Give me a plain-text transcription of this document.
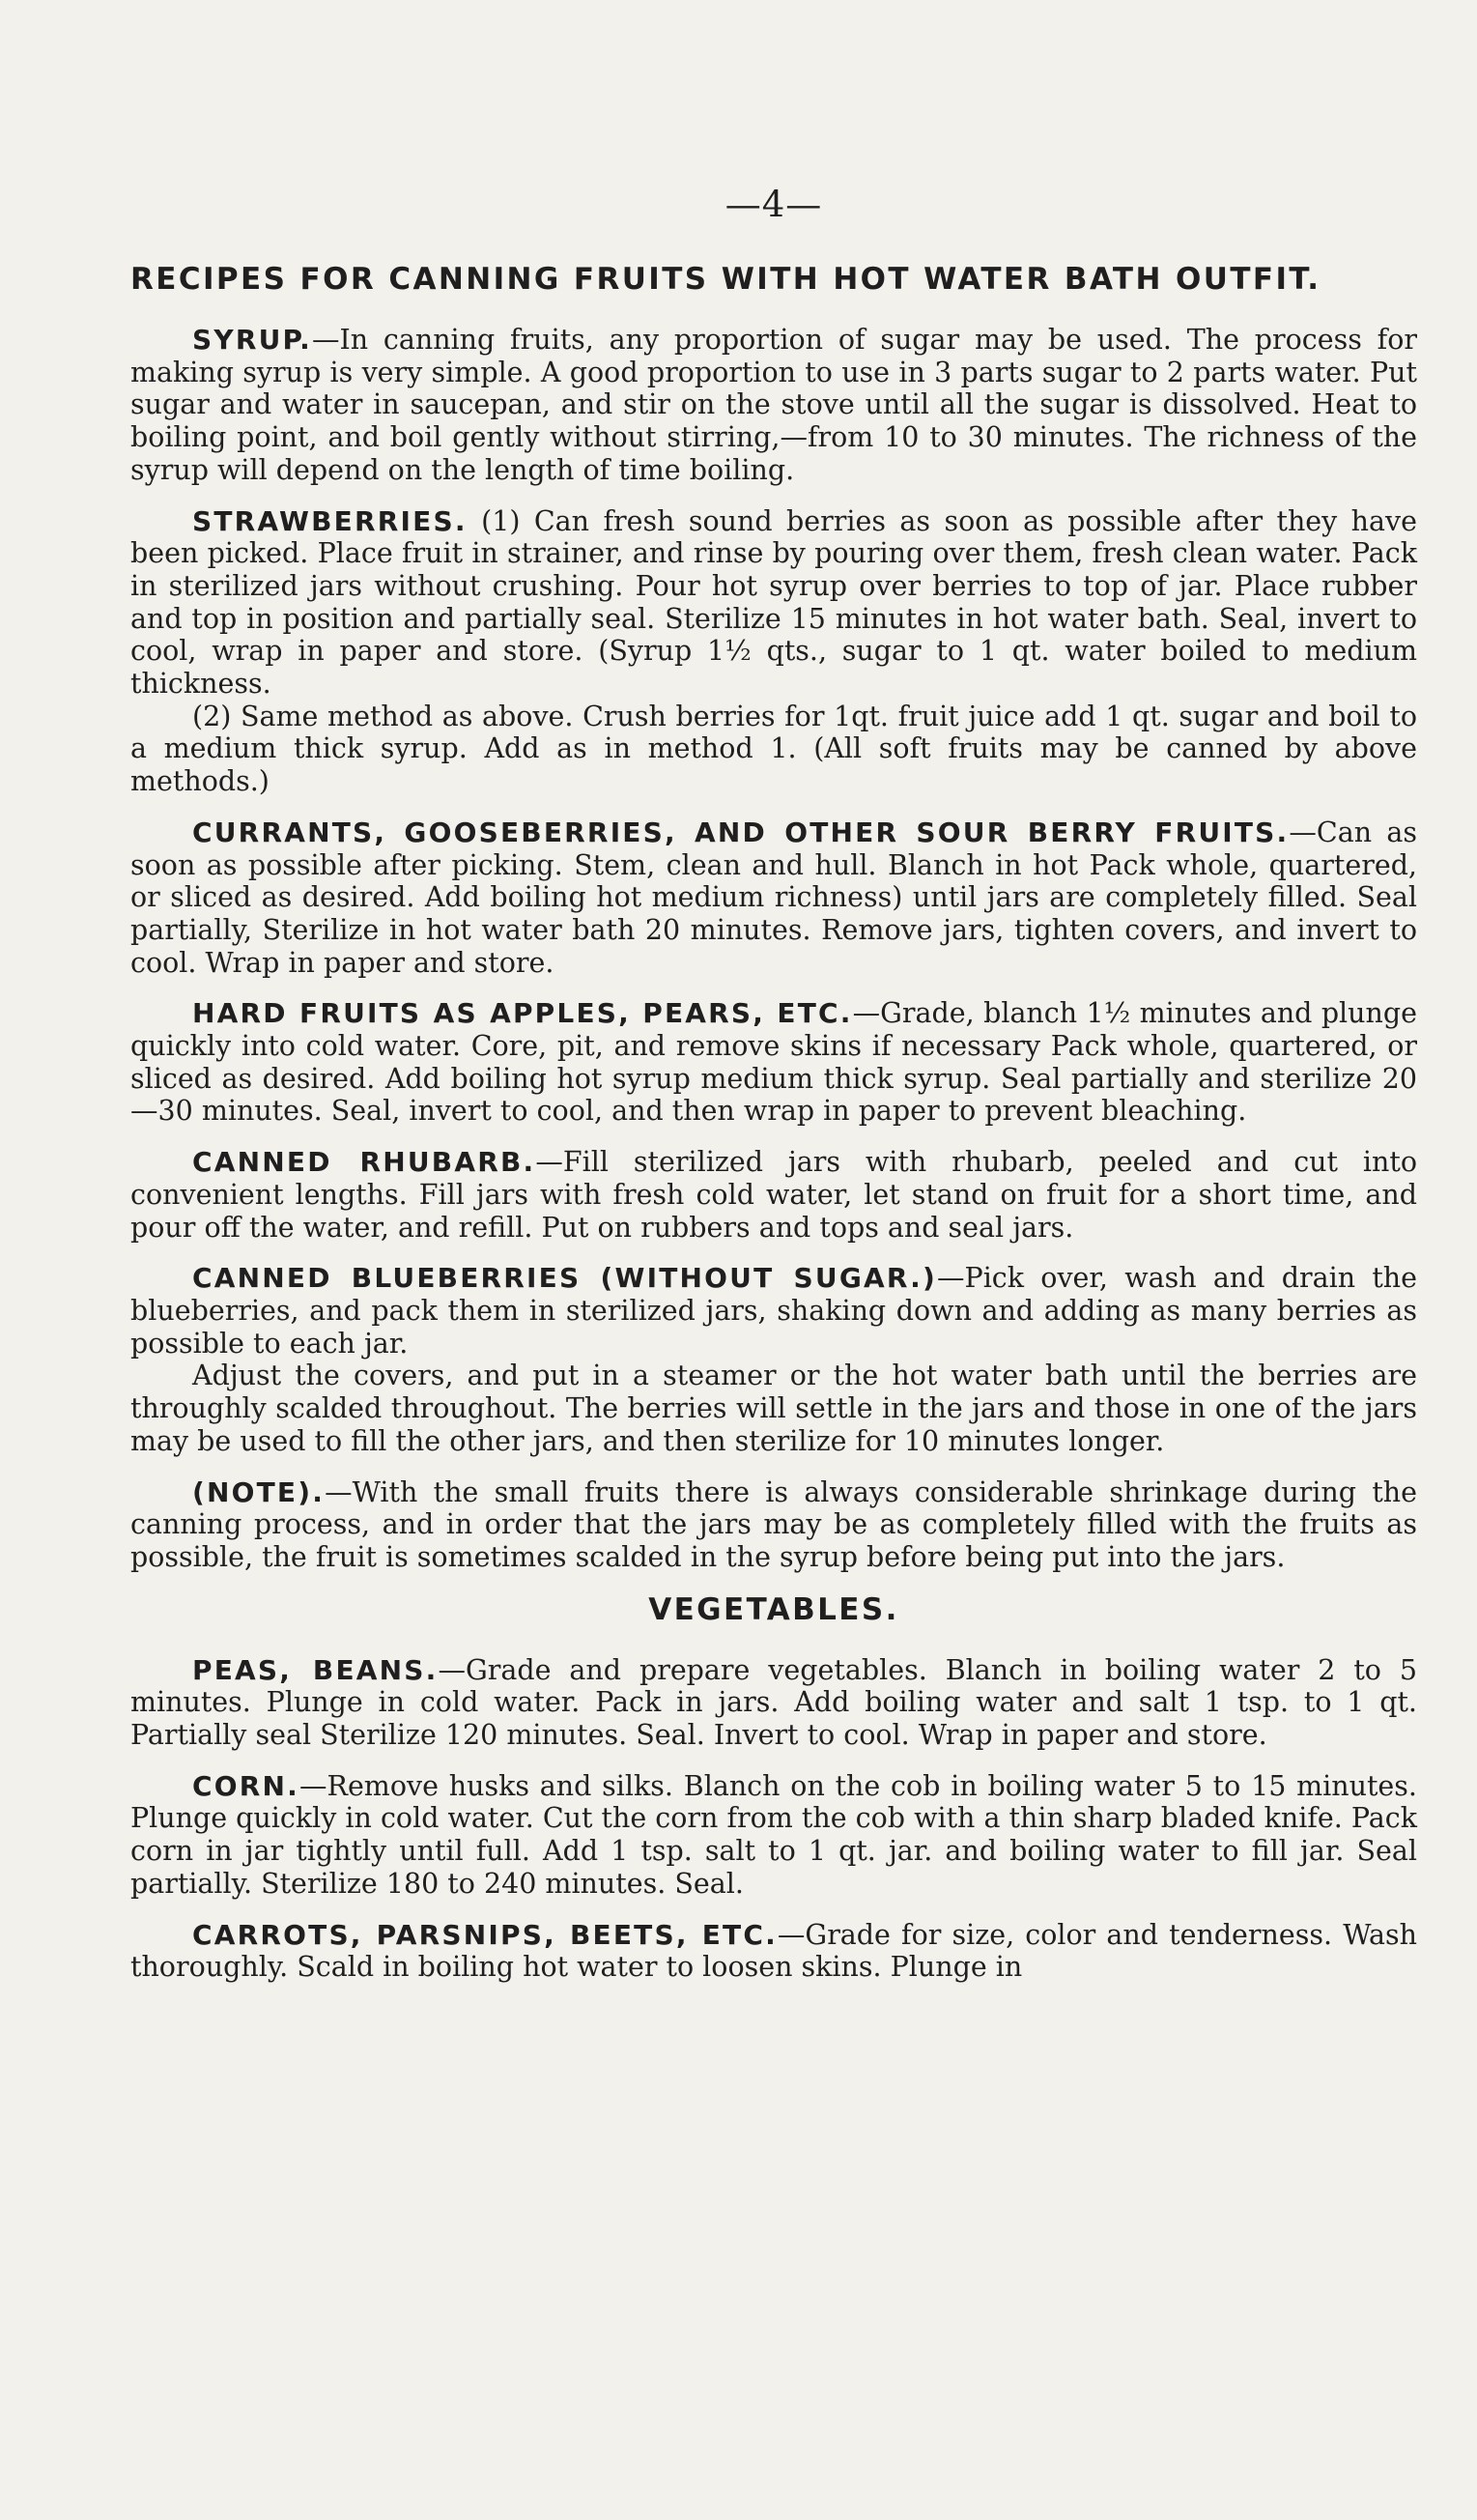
—4—
RECIPES FOR CANNING FRUITS WITH HOT WATER BATH OUTFIT.

SYRUP.—In canning fruits, any proportion of sugar may be used. The process for making syrup is very simple. A good proportion to use in 3 parts sugar to 2 parts water. Put sugar and water in saucepan, and stir on the stove until all the sugar is dissolved. Heat to boiling point, and boil gently without stirring,—from 10 to 30 minutes. The richness of the syrup will depend on the length of time boiling.

STRAWBERRIES. (1) Can fresh sound berries as soon as possible after they have been picked. Place fruit in strainer, and rinse by pouring over them, fresh clean water. Pack in sterilized jars without crushing. Pour hot syrup over berries to top of jar. Place rubber and top in position and partially seal. Sterilize 15 minutes in hot water bath. Seal, invert to cool, wrap in paper and store. (Syrup 1½ qts., sugar to 1 qt. water boiled to medium thickness.

(2) Same method as above. Crush berries for 1qt. fruit juice add 1 qt. sugar and boil to a medium thick syrup. Add as in method 1. (All soft fruits may be canned by above methods.)

CURRANTS, GOOSEBERRIES, AND OTHER SOUR BERRY FRUITS.—Can as soon as possible after picking. Stem, clean and hull. Blanch in hot Pack whole, quartered, or sliced as desired. Add boiling hot medium richness) until jars are completely filled. Seal partially, Sterilize in hot water bath 20 minutes. Remove jars, tighten covers, and invert to cool. Wrap in paper and store.

HARD FRUITS AS APPLES, PEARS, ETC.—Grade, blanch 1½ minutes and plunge quickly into cold water. Core, pit, and remove skins if necessary Pack whole, quartered, or sliced as desired. Add boiling hot syrup medium thick syrup. Seal partially and sterilize 20—30 minutes. Seal, invert to cool, and then wrap in paper to prevent bleaching.

CANNED RHUBARB.—Fill sterilized jars with rhubarb, peeled and cut into convenient lengths. Fill jars with fresh cold water, let stand on fruit for a short time, and pour off the water, and refill. Put on rubbers and tops and seal jars.

CANNED BLUEBERRIES (WITHOUT SUGAR.)—Pick over, wash and drain the blueberries, and pack them in sterilized jars, shaking down and adding as many berries as possible to each jar.

Adjust the covers, and put in a steamer or the hot water bath until the berries are throughly scalded throughout. The berries will settle in the jars and those in one of the jars may be used to fill the other jars, and then sterilize for 10 minutes longer.

(NOTE).—With the small fruits there is always considerable shrinkage during the canning process, and in order that the jars may be as completely filled with the fruits as possible, the fruit is sometimes scalded in the syrup before being put into the jars.

VEGETABLES.

PEAS, BEANS.—Grade and prepare vegetables. Blanch in boiling water 2 to 5 minutes. Plunge in cold water. Pack in jars. Add boiling water and salt 1 tsp. to 1 qt. Partially seal Sterilize 120 minutes. Seal. Invert to cool. Wrap in paper and store.

CORN.—Remove husks and silks. Blanch on the cob in boiling water 5 to 15 minutes. Plunge quickly in cold water. Cut the corn from the cob with a thin sharp bladed knife. Pack corn in jar tightly until full. Add 1 tsp. salt to 1 qt. jar. and boiling water to fill jar. Seal partially. Sterilize 180 to 240 minutes. Seal.

CARROTS, PARSNIPS, BEETS, ETC.—Grade for size, color and tenderness. Wash thoroughly. Scald in boiling hot water to loosen skins. Plunge in
